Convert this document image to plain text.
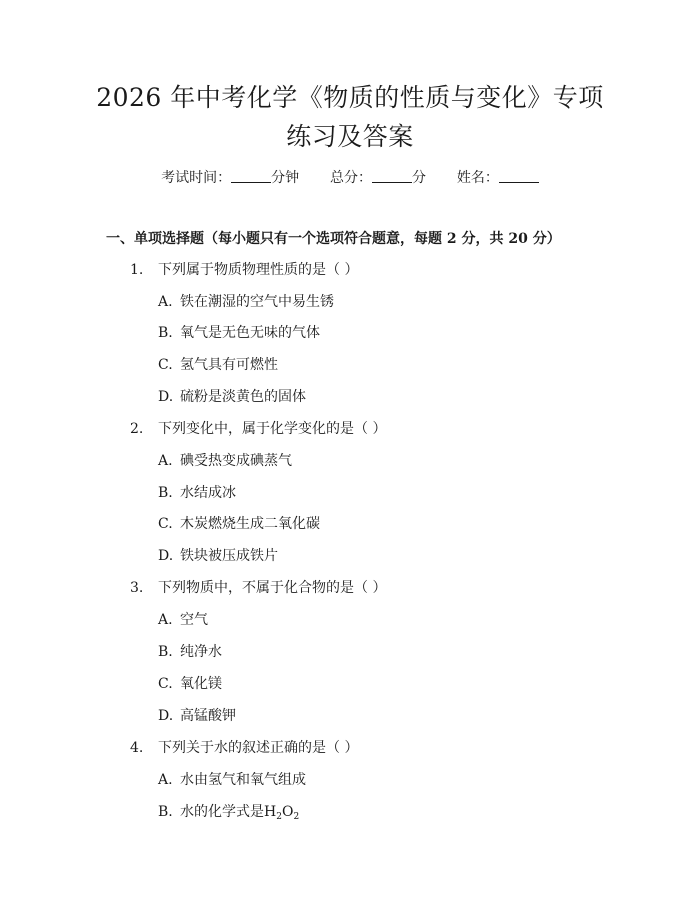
2026 年中考化学《物质的性质与变化》专项
练习及答案
考试时间：	分钟 总分：	分 姓名：
一、单项选择题（每小题只有一个选项符合题意，每题 2 分，共 20 分）
1. 下列属于物质物理性质的是（ ）
A. 铁在潮湿的空气中易生锈
B. 氧气是无色无味的气体
C. 氢气具有可燃性
D. 硫粉是淡黄色的固体
2. 下列变化中，属于化学变化的是（ ）
A. 碘受热变成碘蒸气
B. 水结成冰
C. 木炭燃烧生成二氧化碳
D. 铁块被压成铁片
3. 下列物质中，不属于化合物的是（ ）
A. 空气
B. 纯净水
C. 氧化镁
D. 高锰酸钾
4. 下列关于水的叙述正确的是（ ）
A. 水由氢气和氧气组成
B. 水的化学式是$H_2O_2$
